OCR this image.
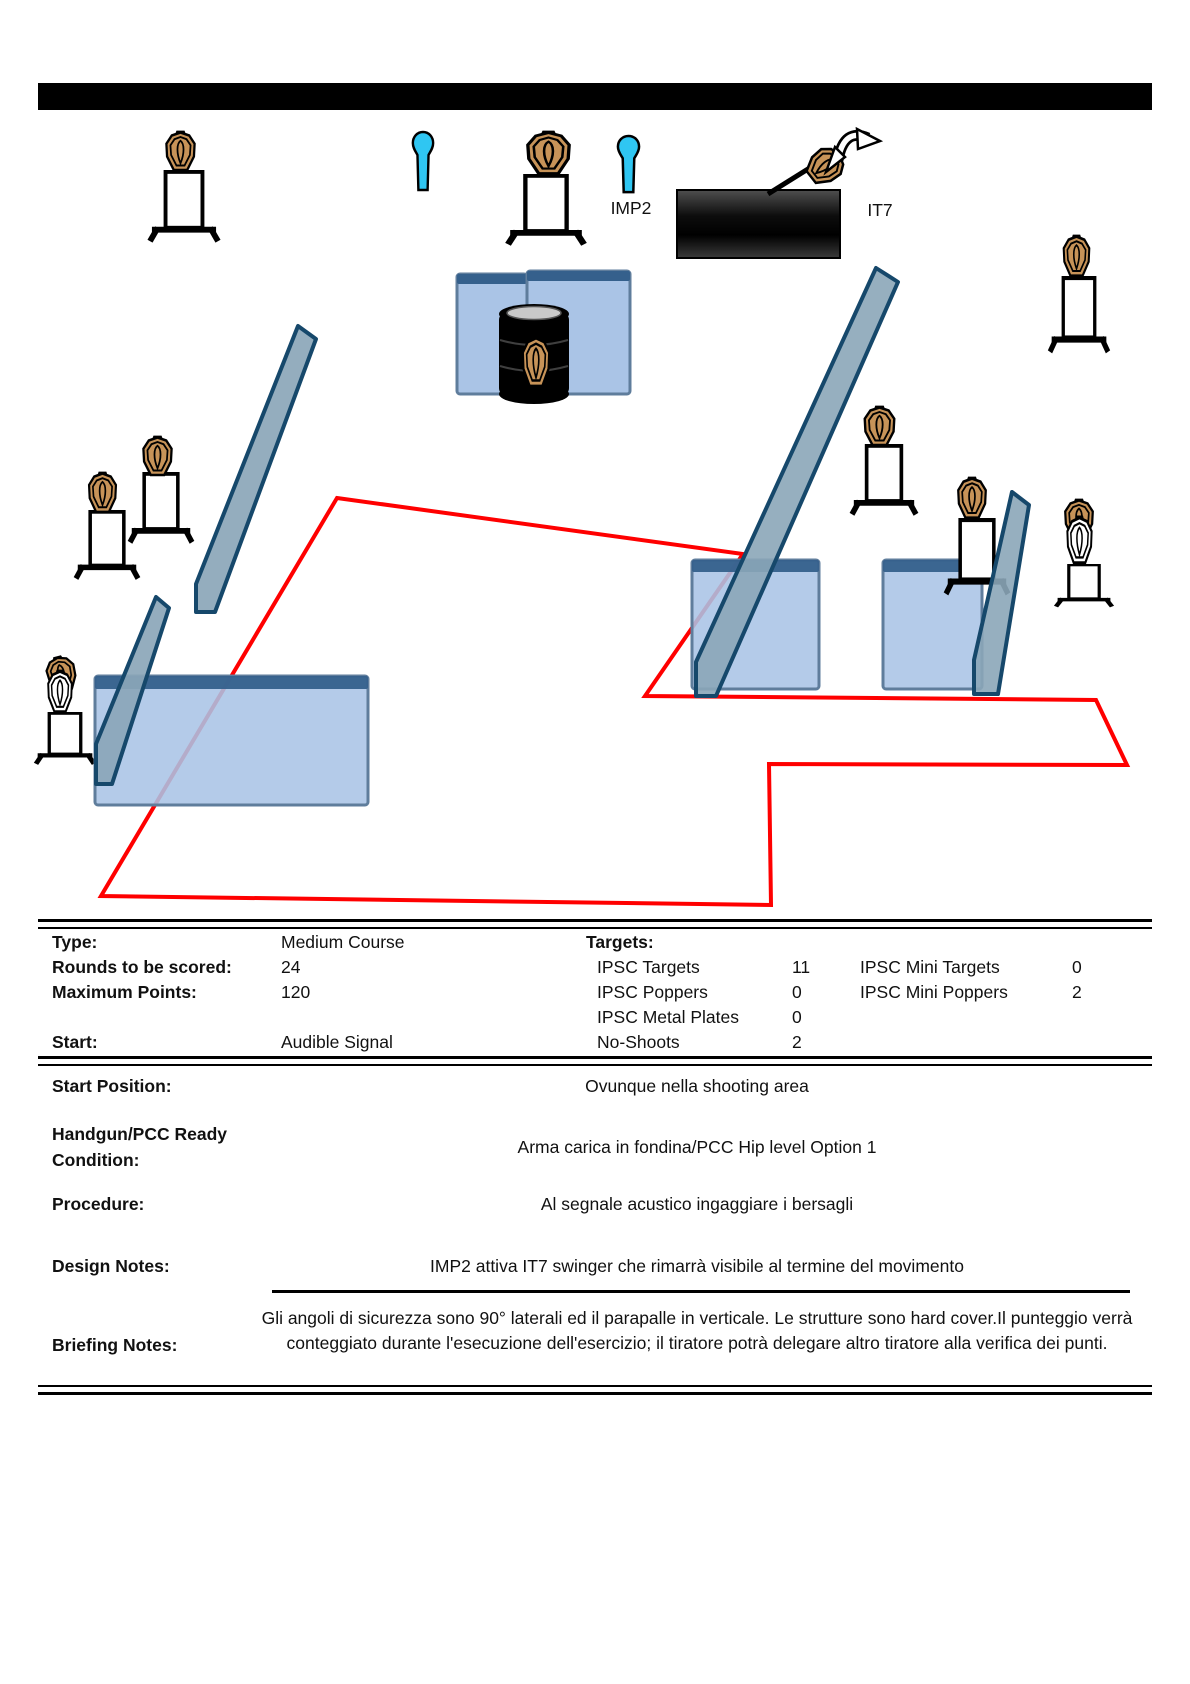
IMP2	IT7
Type:	Medium Course	Targets:
Rounds to be scored:	24
Maximum Points:	120
Start:	Audible Signal
IPSC Targets	11	IPSC Mini Targets	0
IPSC Poppers	0	IPSC Mini Poppers	2
IPSC Metal Plates	0
No-Shoots	2
Start Position:	Ovunque nella shooting area
Handgun/PCC Ready
Condition:
Arma carica in fondina/PCC Hip level Option 1
Procedure:	Al segnale acustico ingaggiare i bersagli
Design Notes:	IMP2 attiva IT7 swinger che rimarrà visibile al termine del movimento
Briefing Notes:
Gli angoli di sicurezza sono 90° laterali ed il parapalle in verticale. Le strutture sono hard cover.Il punteggio verrà conteggiato durante l'esecuzione dell'esercizio; il tiratore potrà delegare altro tiratore alla verifica dei punti.
